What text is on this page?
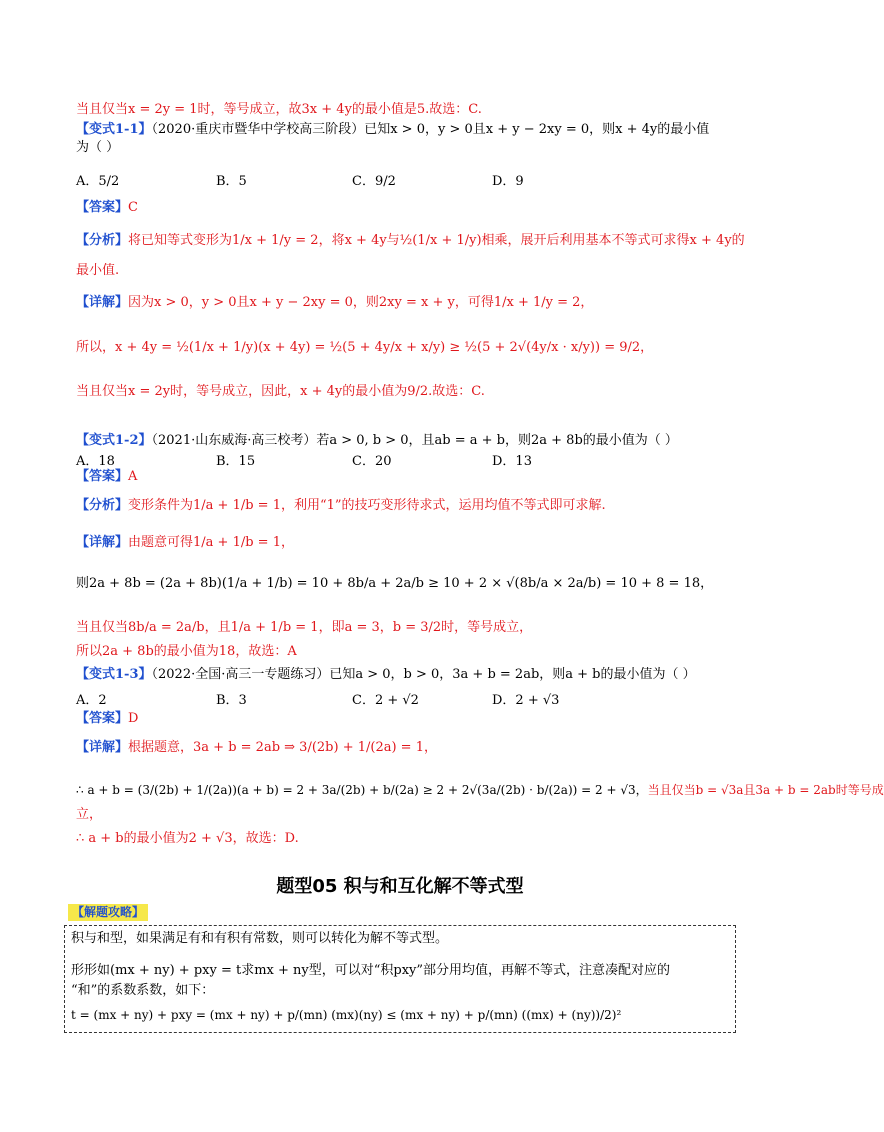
当且仅当x = 2y = 1时，等号成立，故3x + 4y的最小值是5.故选：C.
【变式1-1】（2020·重庆市暨华中学校高三阶段）已知x > 0，y > 0且x + y − 2xy = 0，则x + 4y的最小值
为（ ）
A．5/2	B．5	C．9/2	D．9
【答案】C
【分析】将已知等式变形为1/x + 1/y = 2，将x + 4y与½(1/x + 1/y)相乘，展开后利用基本不等式可求得x + 4y的
最小值.
【详解】因为x > 0，y > 0且x + y − 2xy = 0，则2xy = x + y，可得1/x + 1/y = 2，
所以，x + 4y = ½(1/x + 1/y)(x + 4y) = ½(5 + 4y/x + x/y) ≥ ½(5 + 2√(4y/x · x/y)) = 9/2，
当且仅当x = 2y时，等号成立，因此，x + 4y的最小值为9/2.故选：C.
【变式1-2】（2021·山东威海·高三校考）若a > 0, b > 0，且ab = a + b，则2a + 8b的最小值为（ ）
A．18	B．15	C．20	D．13
【答案】A
【分析】变形条件为1/a + 1/b = 1，利用“1”的技巧变形待求式，运用均值不等式即可求解.
【详解】由题意可得1/a + 1/b = 1，
则2a + 8b = (2a + 8b)(1/a + 1/b) = 10 + 8b/a + 2a/b ≥ 10 + 2 × √(8b/a × 2a/b) = 10 + 8 = 18，
当且仅当8b/a = 2a/b，且1/a + 1/b = 1，即a = 3，b = 3/2时，等号成立，
所以2a + 8b的最小值为18，故选：A
【变式1-3】（2022·全国·高三一专题练习）已知a > 0，b > 0，3a + b = 2ab，则a + b的最小值为（ ）
A．2	B．3	C．2 + √2	D．2 + √3
【答案】D
【详解】根据题意，3a + b = 2ab ⇒ 3/(2b) + 1/(2a) = 1，
∴ a + b = (3/(2b) + 1/(2a))(a + b) = 2 + 3a/(2b) + b/(2a) ≥ 2 + 2√(3a/(2b) · b/(2a)) = 2 + √3，当且仅当b = √3a且3a + b = 2ab时等号成
立，
∴ a + b的最小值为2 + √3，故选：D.
题型05 积与和互化解不等式型
【解题攻略】
积与和型，如果满足有和有积有常数，则可以转化为解不等式型。
形形如(mx + ny) + pxy = t求mx + ny型，可以对“积pxy”部分用均值，再解不等式，注意凑配对应的
“和”的系数系数，如下：
t = (mx + ny) + pxy = (mx + ny) + p/(mn) (mx)(ny) ≤ (mx + ny) + p/(mn) ((mx) + (ny))/2)²
